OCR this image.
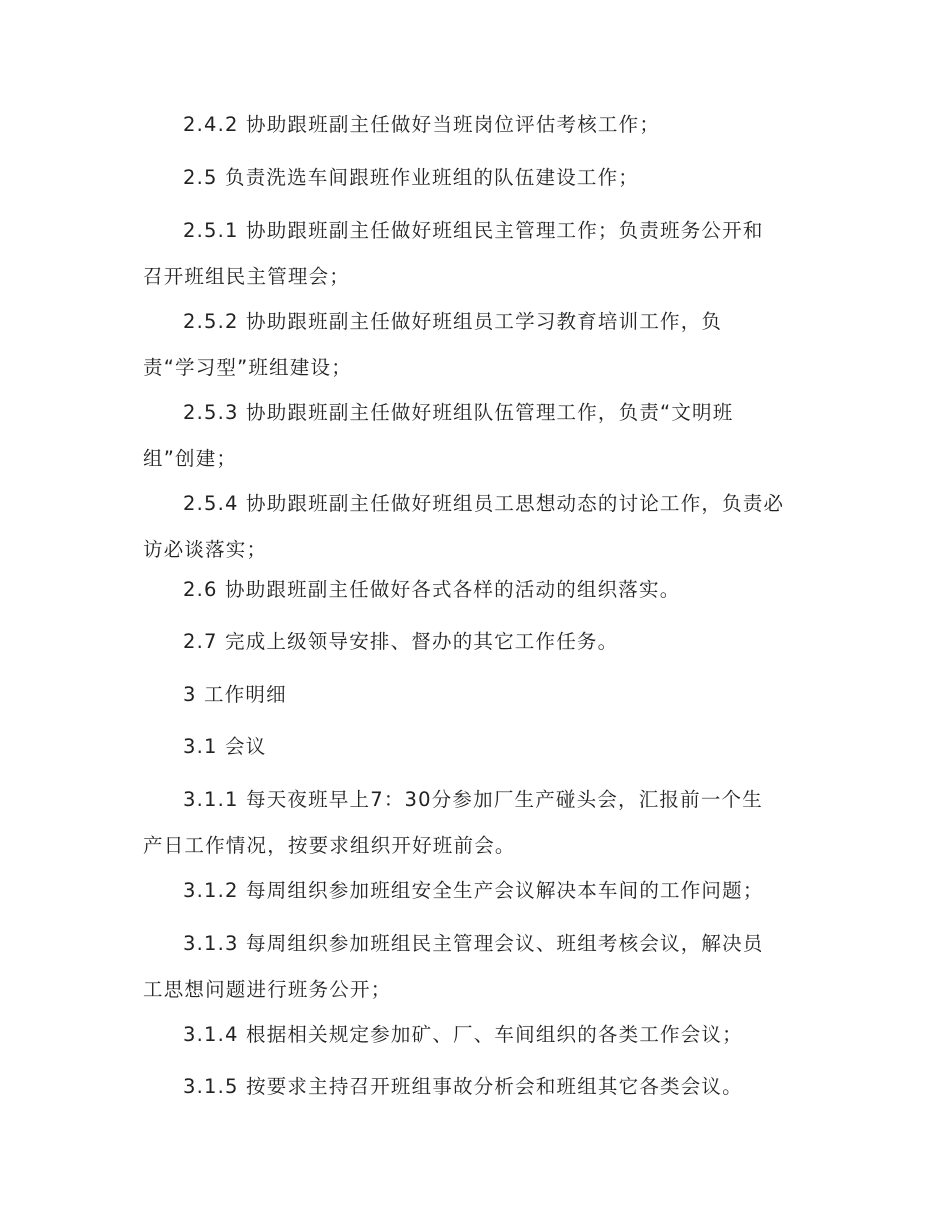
2.4.2 协助跟班副主任做好当班岗位评估考核工作；
2.5 负责洗选车间跟班作业班组的队伍建设工作；
2.5.1 协助跟班副主任做好班组民主管理工作；负责班务公开和
召开班组民主管理会；
2.5.2 协助跟班副主任做好班组员工学习教育培训工作，负
责“学习型”班组建设；
2.5.3 协助跟班副主任做好班组队伍管理工作，负责“文明班
组”创建；
2.5.4 协助跟班副主任做好班组员工思想动态的讨论工作，负责必
访必谈落实；
2.6 协助跟班副主任做好各式各样的活动的组织落实。
2.7 完成上级领导安排、督办的其它工作任务。
3 工作明细
3.1 会议
3.1.1 每天夜班早上7：30分参加厂生产碰头会，汇报前一个生
产日工作情况，按要求组织开好班前会。
3.1.2 每周组织参加班组安全生产会议解决本车间的工作问题；
3.1.3 每周组织参加班组民主管理会议、班组考核会议，解决员
工思想问题进行班务公开；
3.1.4 根据相关规定参加矿、厂、车间组织的各类工作会议；
3.1.5 按要求主持召开班组事故分析会和班组其它各类会议。
